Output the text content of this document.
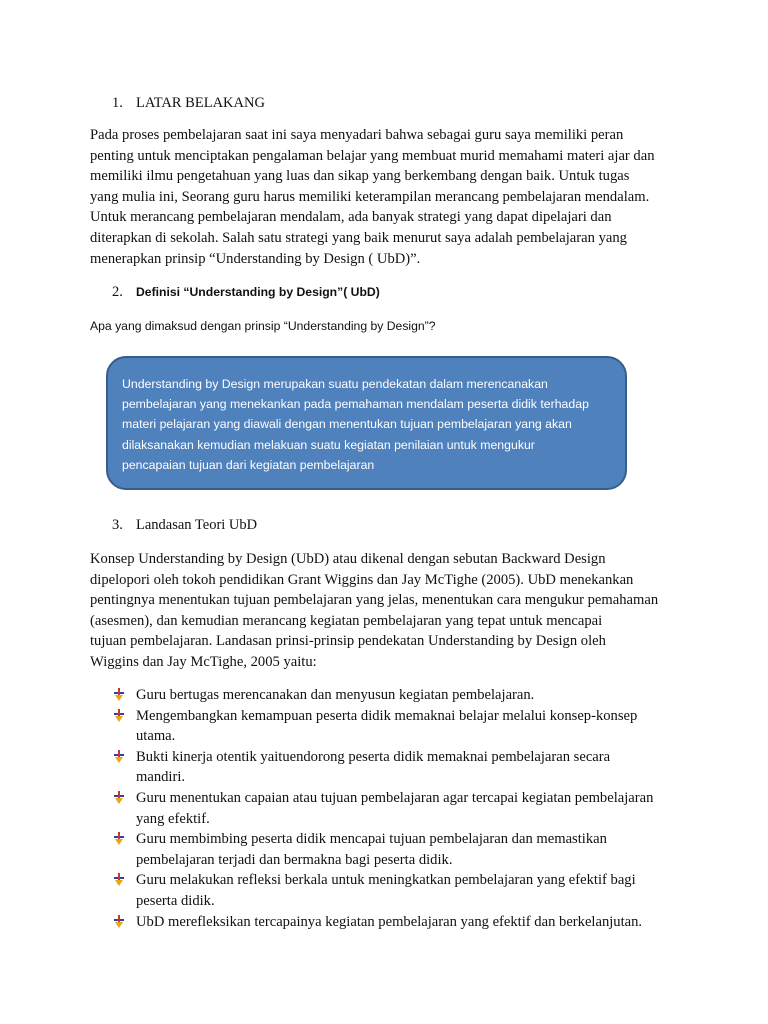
1. LATAR BELAKANG
Pada proses pembelajaran saat ini saya menyadari bahwa sebagai guru saya memiliki peran
penting untuk menciptakan pengalaman belajar yang membuat murid memahami materi ajar dan
memiliki ilmu pengetahuan yang luas dan sikap yang berkembang dengan baik. Untuk tugas
yang mulia ini, Seorang guru harus memiliki keterampilan merancang pembelajaran mendalam.
Untuk merancang pembelajaran mendalam, ada banyak strategi yang dapat dipelajari dan
diterapkan di sekolah. Salah satu strategi yang baik menurut saya adalah pembelajaran yang
menerapkan prinsip “Understanding by Design ( UbD)”.
2. Definisi “Understanding by Design”( UbD)
Apa yang dimaksud dengan prinsip “Understanding by Design”?
Understanding by Design merupakan suatu pendekatan dalam merencanakan
pembelajaran yang menekankan pada pemahaman mendalam peserta didik terhadap
materi pelajaran yang diawali dengan menentukan tujuan pembelajaran yang akan
dilaksanakan kemudian melakuan suatu kegiatan penilaian untuk mengukur
pencapaian tujuan dari kegiatan pembelajaran
3. Landasan Teori UbD
Konsep Understanding by Design (UbD) atau dikenal dengan sebutan Backward Design
dipelopori oleh tokoh pendidikan Grant Wiggins dan Jay McTighe (2005). UbD menekankan
pentingnya menentukan tujuan pembelajaran yang jelas, menentukan cara mengukur pemahaman
(asesmen), dan kemudian merancang kegiatan pembelajaran yang tepat untuk mencapai
tujuan pembelajaran. Landasan prinsi-prinsip pendekatan Understanding by Design oleh
Wiggins dan Jay McTighe, 2005 yaitu:
Guru bertugas merencanakan dan menyusun kegiatan pembelajaran.
Mengembangkan kemampuan peserta didik memaknai belajar melalui konsep-konsep
utama.
Bukti kinerja otentik yaituendorong peserta didik memaknai pembelajaran secara
mandiri.
Guru menentukan capaian atau tujuan pembelajaran agar tercapai kegiatan pembelajaran
yang efektif.
Guru membimbing peserta didik mencapai tujuan pembelajaran dan memastikan
pembelajaran terjadi dan bermakna bagi peserta didik.
Guru melakukan refleksi berkala untuk meningkatkan pembelajaran yang efektif bagi
peserta didik.
UbD merefleksikan tercapainya kegiatan pembelajaran yang efektif dan berkelanjutan.
